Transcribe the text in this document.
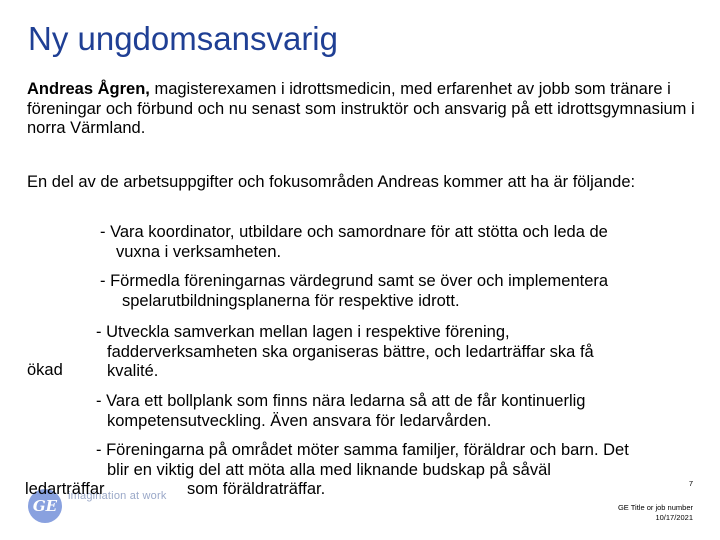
Ny ungdomsansvarig

Andreas Ågren, magisterexamen i idrottsmedicin, med erfarenhet av jobb som tränare i föreningar och förbund och nu senast som instruktör och ansvarig på ett idrottsgymnasium i norra Värmland.

En del av de arbetsuppgifter och fokusområden Andreas kommer att ha är följande:

- Vara koordinator, utbildare och samordnare för att stötta och leda de
vuxna i verksamheten.

- Förmedla föreningarnas värdegrund samt se över och implementera
spelarutbildningsplanerna för respektive idrott.

- Utveckla samverkan mellan lagen i respektive förening,
fadderverksamheten ska organiseras bättre, och ledarträffar ska få
kvalité.

ökad

- Vara ett bollplank som finns nära ledarna så att de får kontinuerlig
kompetensutveckling. Även ansvara för ledarvården.

- Föreningarna på området möter samma familjer, föräldrar och barn. Det
blir en viktig del att möta alla med liknande budskap på såväl

GE
imagination at work
ledarträffar	som föräldraträffar.	7

GE Title or job number

10/17/2021
